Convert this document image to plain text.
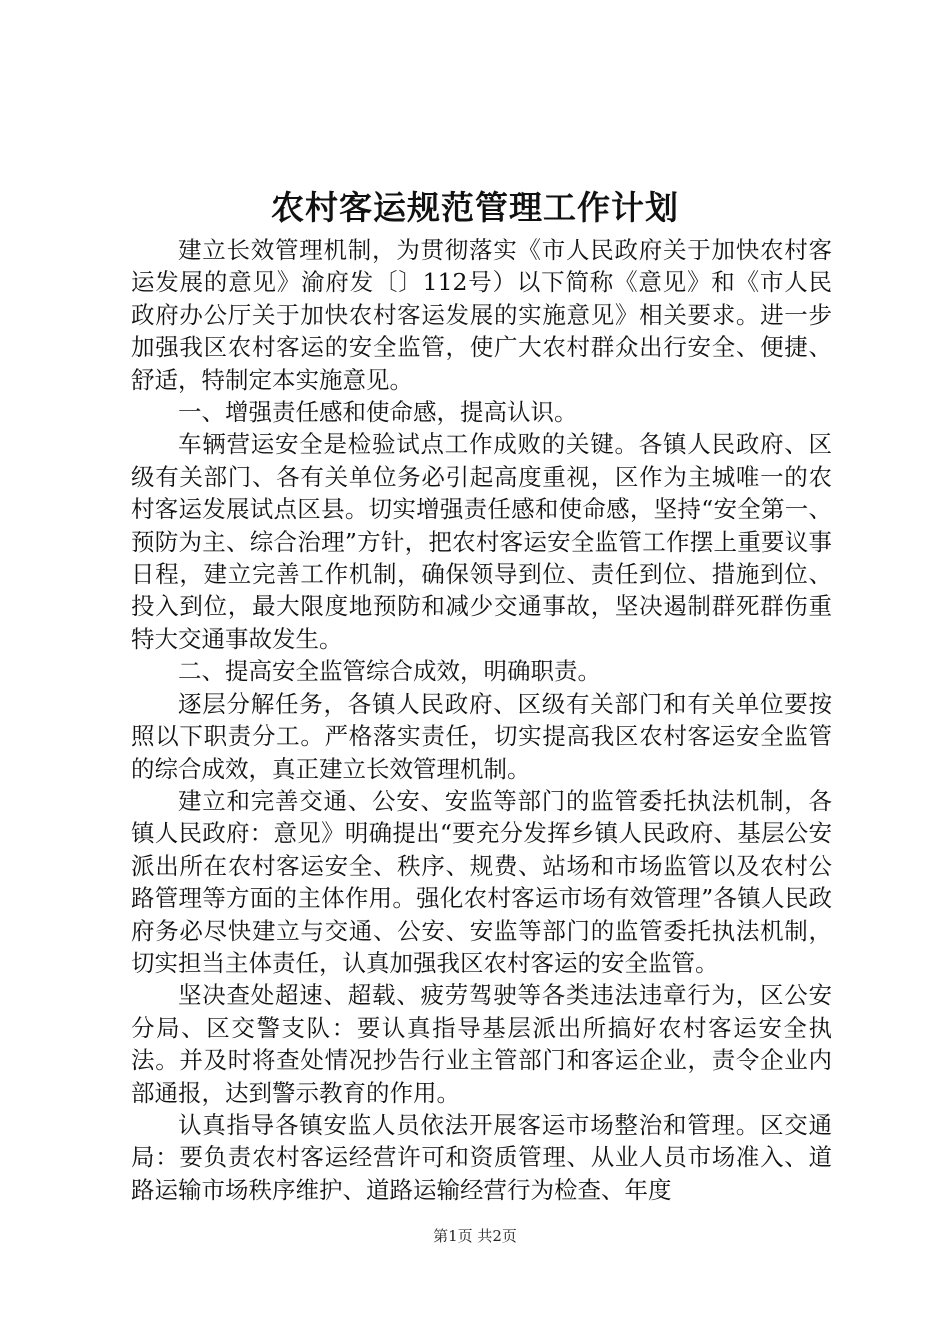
农村客运规范管理工作计划

建立长效管理机制，为贯彻落实《市人民政府关于加快农村客运发展的意见》渝府发〔〕112号）以下简称《意见》和《市人民政府办公厅关于加快农村客运发展的实施意见》相关要求。进一步加强我区农村客运的安全监管，使广大农村群众出行安全、便捷、舒适，特制定本实施意见。

一、增强责任感和使命感，提高认识。

车辆营运安全是检验试点工作成败的关键。各镇人民政府、区级有关部门、各有关单位务必引起高度重视，区作为主城唯一的农村客运发展试点区县。切实增强责任感和使命感，坚持“安全第一、预防为主、综合治理”方针，把农村客运安全监管工作摆上重要议事日程，建立完善工作机制，确保领导到位、责任到位、措施到位、投入到位，最大限度地预防和减少交通事故，坚决遏制群死群伤重特大交通事故发生。

二、提高安全监管综合成效，明确职责。

逐层分解任务，各镇人民政府、区级有关部门和有关单位要按照以下职责分工。严格落实责任，切实提高我区农村客运安全监管的综合成效，真正建立长效管理机制。

建立和完善交通、公安、安监等部门的监管委托执法机制，各镇人民政府：意见》明确提出“要充分发挥乡镇人民政府、基层公安派出所在农村客运安全、秩序、规费、站场和市场监管以及农村公路管理等方面的主体作用。强化农村客运市场有效管理”各镇人民政府务必尽快建立与交通、公安、安监等部门的监管委托执法机制，切实担当主体责任，认真加强我区农村客运的安全监管。

坚决查处超速、超载、疲劳驾驶等各类违法违章行为，区公安分局、区交警支队：要认真指导基层派出所搞好农村客运安全执法。并及时将查处情况抄告行业主管部门和客运企业，责令企业内部通报，达到警示教育的作用。

认真指导各镇安监人员依法开展客运市场整治和管理。区交通局：要负责农村客运经营许可和资质管理、从业人员市场准入、道路运输市场秩序维护、道路运输经营行为检查、年度

第1页 共2页
